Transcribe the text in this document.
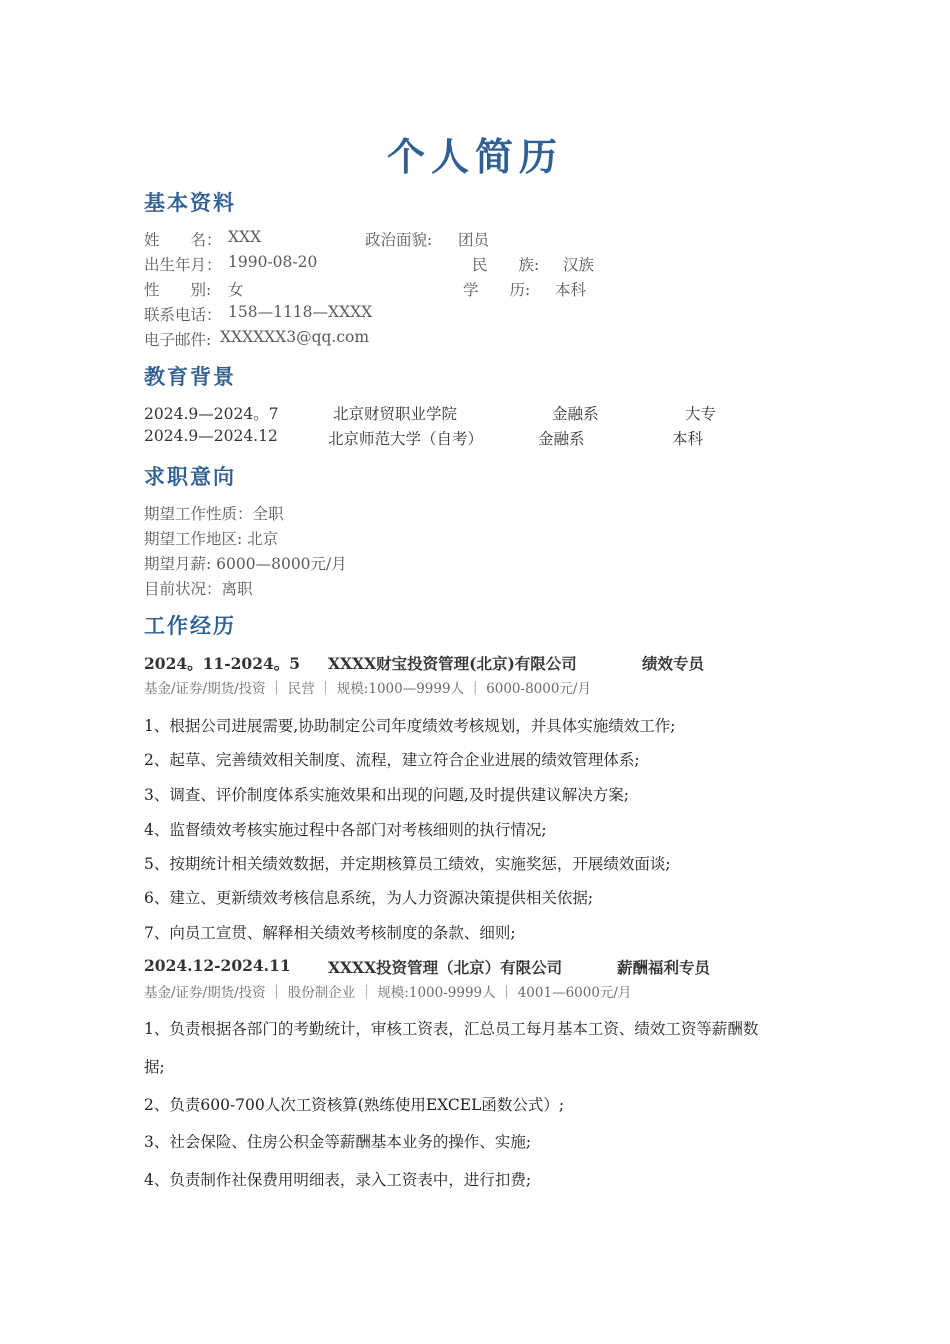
个人简历
基本资料
姓　　名： XXX	政治面貌: 团员
出生年月： 1990-08-20	民　　族: 汉族
性　　别: 女	学　　历: 本科
联系电话： 158—1118—XXXX
电子邮件: XXXXXX3@qq.com
教育背景
2024.9—2024。7	北京财贸职业学院	金融系	大专
2024.9—2024.12	北京师范大学（自考）	金融系	本科
求职意向
期望工作性质：全职
期望工作地区: 北京
期望月薪: 6000—8000元/月
目前状况：离职
工作经历
2024。11-2024。5 XXXX财宝投资管理(北京)有限公司	绩效专员
基金/证券/期货/投资 ｜ 民营 ｜ 规模:1000—9999人 ｜ 6000-8000元/月
1、根据公司进展需要,协助制定公司年度绩效考核规划，并具体实施绩效工作;
2、起草、完善绩效相关制度、流程，建立符合企业进展的绩效管理体系;
3、调查、评价制度体系实施效果和出现的问题,及时提供建议解决方案;
4、监督绩效考核实施过程中各部门对考核细则的执行情况;
5、按期统计相关绩效数据，并定期核算员工绩效，实施奖惩，开展绩效面谈;
6、建立、更新绩效考核信息系统，为人力资源决策提供相关依据;
7、向员工宣贯、解释相关绩效考核制度的条款、细则;
2024.12-2024.11 XXXX投资管理（北京）有限公司	薪酬福利专员
基金/证券/期货/投资 ｜ 股份制企业 ｜ 规模:1000-9999人 ｜ 4001—6000元/月
1、负责根据各部门的考勤统计，审核工资表，汇总员工每月基本工资、绩效工资等薪酬数
据;
2、负责600-700人次工资核算(熟练使用EXCEL函数公式）;
3、社会保险、住房公积金等薪酬基本业务的操作、实施;
4、负责制作社保费用明细表，录入工资表中，进行扣费;
